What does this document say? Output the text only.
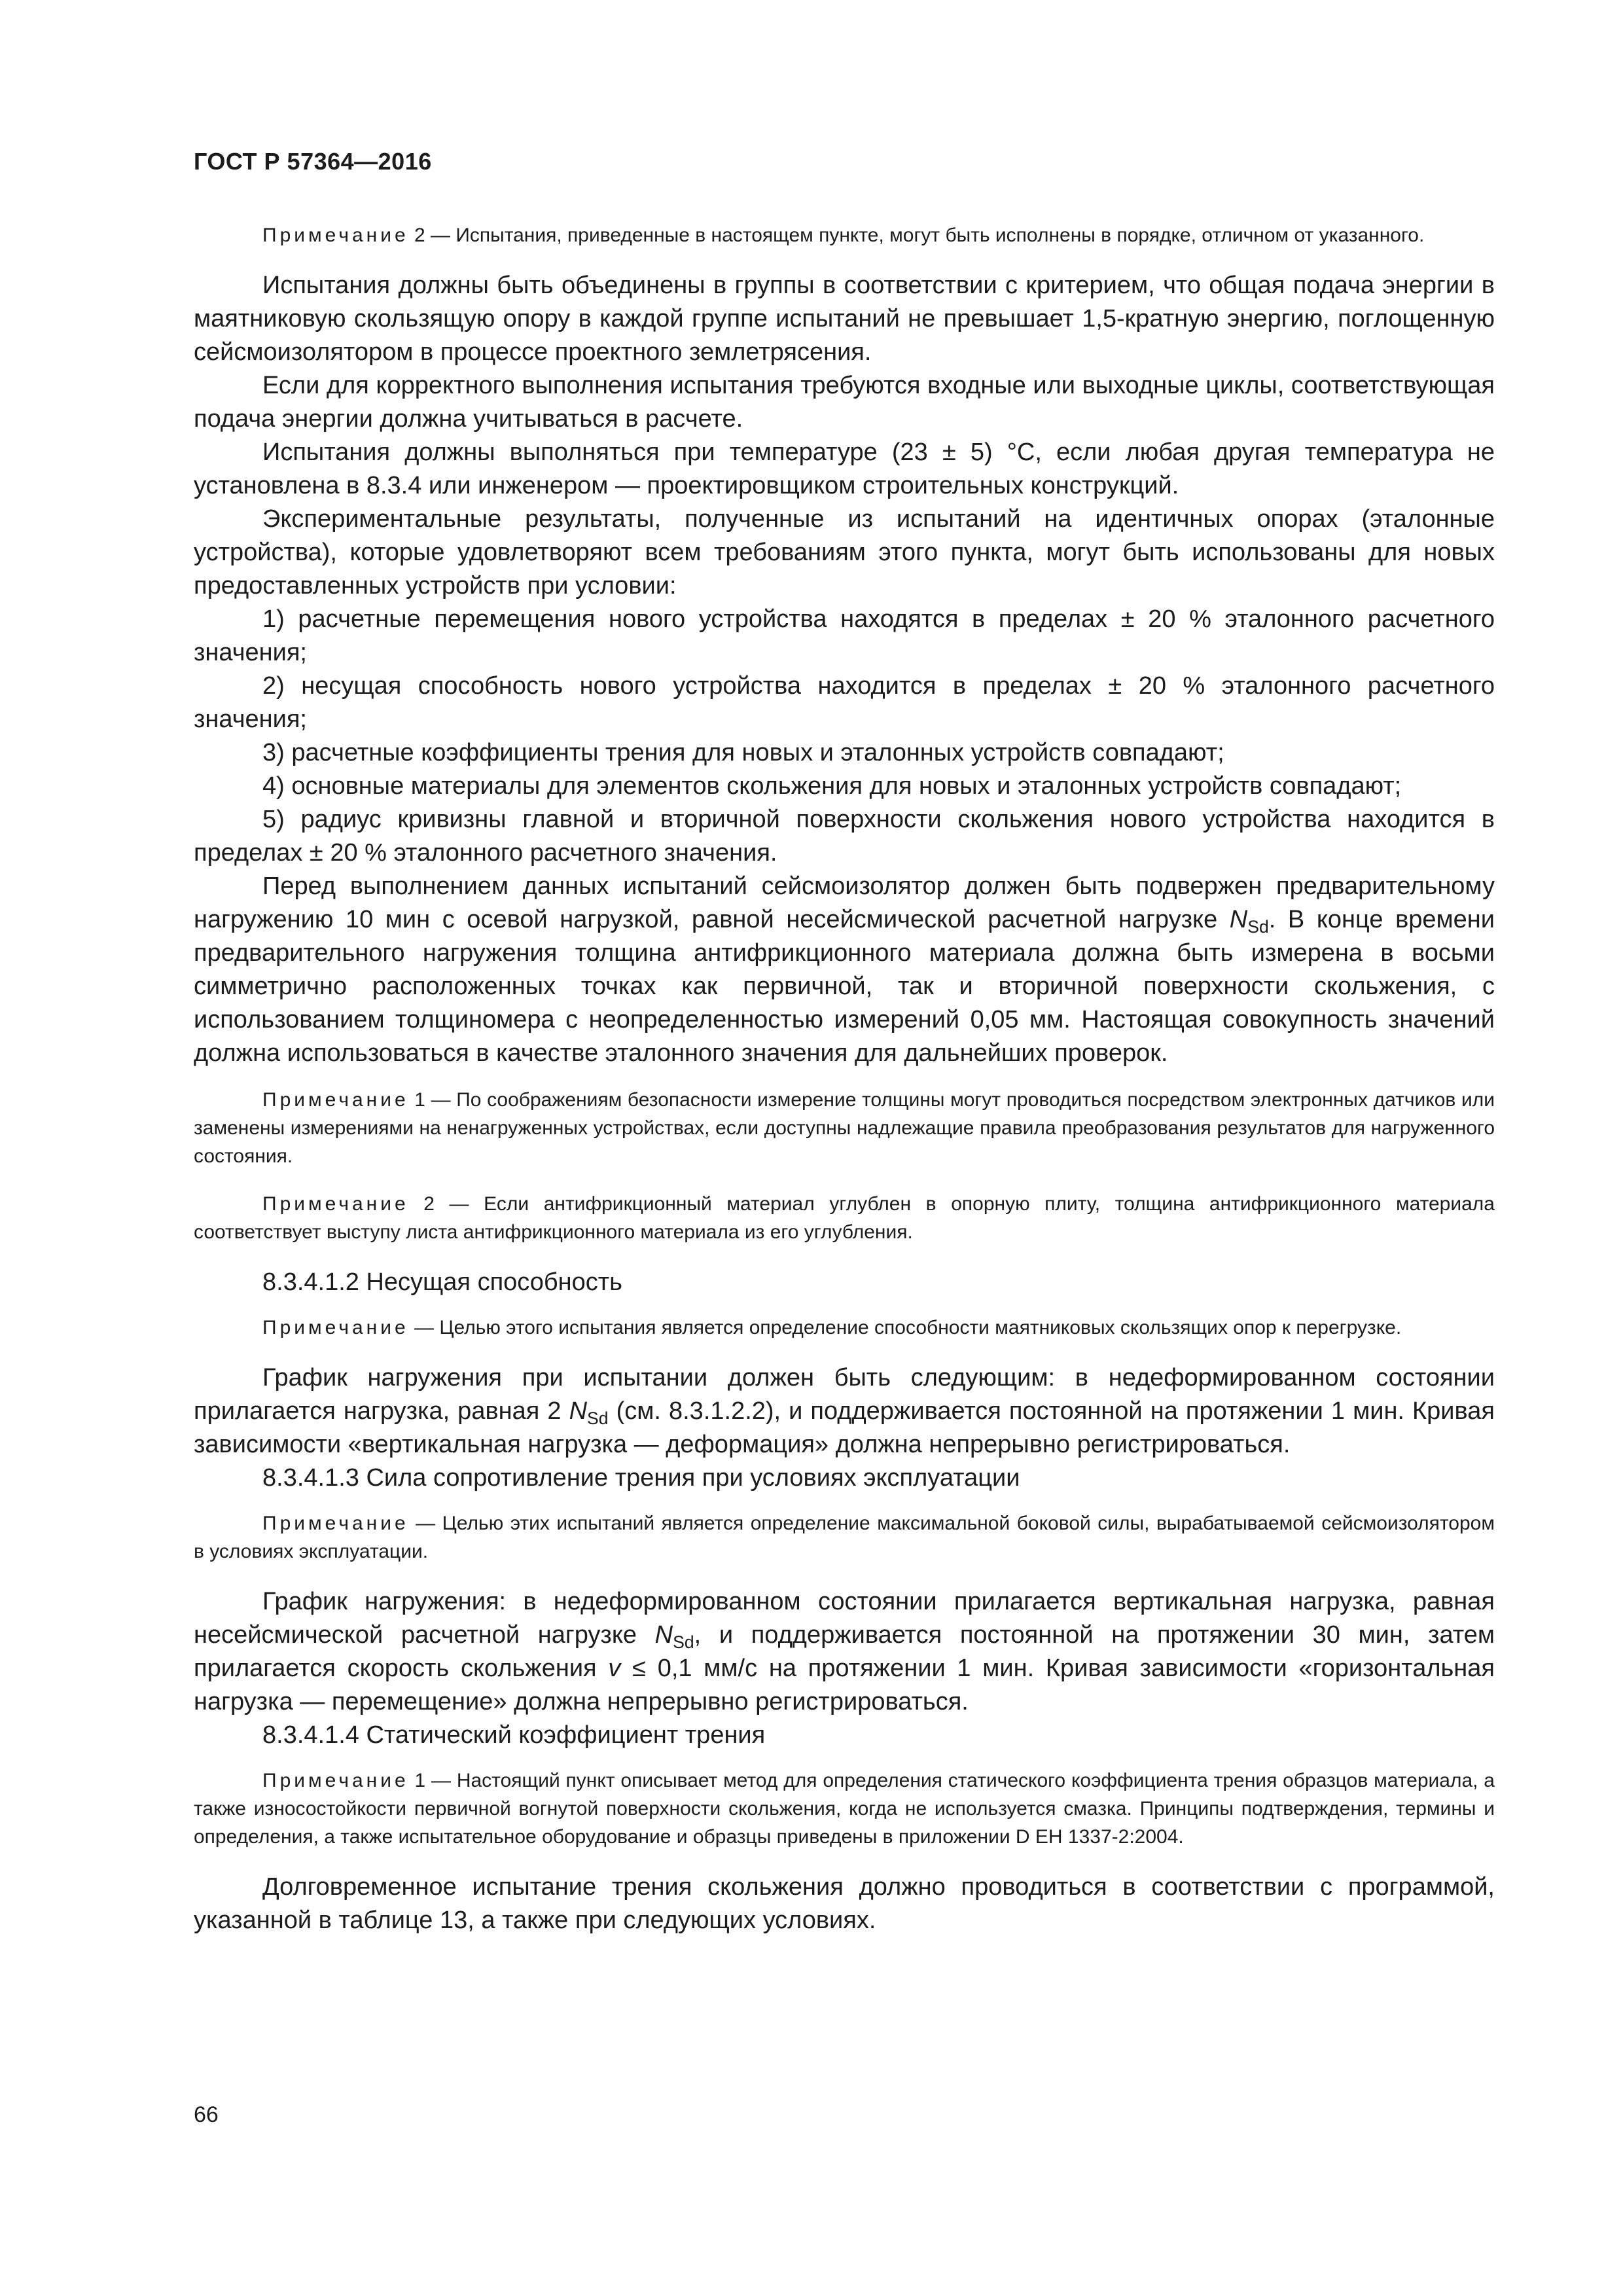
ГОСТ Р 57364—2016

Примечание 2 — Испытания, приведенные в настоящем пункте, могут быть исполнены в порядке, отличном от указанного.

Испытания должны быть объединены в группы в соответствии с критерием, что общая подача энергии в маятниковую скользящую опору в каждой группе испытаний не превышает 1,5-кратную энергию, поглощенную сейсмоизолятором в процессе проектного землетрясения.

Если для корректного выполнения испытания требуются входные или выходные циклы, соответствующая подача энергии должна учитываться в расчете.

Испытания должны выполняться при температуре (23 ± 5) °С, если любая другая температура не установлена в 8.3.4 или инженером — проектировщиком строительных конструкций.

Экспериментальные результаты, полученные из испытаний на идентичных опорах (эталонные устройства), которые удовлетворяют всем требованиям этого пункта, могут быть использованы для новых предоставленных устройств при условии:

1) расчетные перемещения нового устройства находятся в пределах ± 20 % эталонного расчетного значения;

2) несущая способность нового устройства находится в пределах ± 20 % эталонного расчетного значения;

3) расчетные коэффициенты трения для новых и эталонных устройств совпадают;

4) основные материалы для элементов скольжения для новых и эталонных устройств совпадают;

5) радиус кривизны главной и вторичной поверхности скольжения нового устройства находится в пределах ± 20 % эталонного расчетного значения.

Перед выполнением данных испытаний сейсмоизолятор должен быть подвержен предварительному нагружению 10 мин с осевой нагрузкой, равной несейсмической расчетной нагрузке $N_{Sd}$. В конце времени предварительного нагружения толщина антифрикционного материала должна быть измерена в восьми симметрично расположенных точках как первичной, так и вторичной поверхности скольжения, с использованием толщиномера с неопределенностью измерений 0,05 мм. Настоящая совокупность значений должна использоваться в качестве эталонного значения для дальнейших проверок.

Примечание 1 — По соображениям безопасности измерение толщины могут проводиться посредством электронных датчиков или заменены измерениями на ненагруженных устройствах, если доступны надлежащие правила преобразования результатов для нагруженного состояния.

Примечание 2 — Если антифрикционный материал углублен в опорную плиту, толщина антифрикционного материала соответствует выступу листа антифрикционного материала из его углубления.

8.3.4.1.2 Несущая способность

Примечание — Целью этого испытания является определение способности маятниковых скользящих опор к перегрузке.

График нагружения при испытании должен быть следующим: в недеформированном состоянии прилагается нагрузка, равная 2 $N_{Sd}$ (см. 8.3.1.2.2), и поддерживается постоянной на протяжении 1 мин. Кривая зависимости «вертикальная нагрузка — деформация» должна непрерывно регистрироваться.

8.3.4.1.3 Сила сопротивление трения при условиях эксплуатации

Примечание — Целью этих испытаний является определение максимальной боковой силы, вырабатываемой сейсмоизолятором в условиях эксплуатации.

График нагружения: в недеформированном состоянии прилагается вертикальная нагрузка, равная несейсмической расчетной нагрузке $N_{Sd}$, и поддерживается постоянной на протяжении 30 мин, затем прилагается скорость скольжения v ≤ 0,1 мм/с на протяжении 1 мин. Кривая зависимости «горизонтальная нагрузка — перемещение» должна непрерывно регистрироваться.

8.3.4.1.4 Статический коэффициент трения

Примечание 1 — Настоящий пункт описывает метод для определения статического коэффициента трения образцов материала, а также износостойкости первичной вогнутой поверхности скольжения, когда не используется смазка. Принципы подтверждения, термины и определения, а также испытательное оборудование и образцы приведены в приложении D ЕН 1337-2:2004.

Долговременное испытание трения скольжения должно проводиться в соответствии с программой, указанной в таблице 13, а также при следующих условиях.

66
